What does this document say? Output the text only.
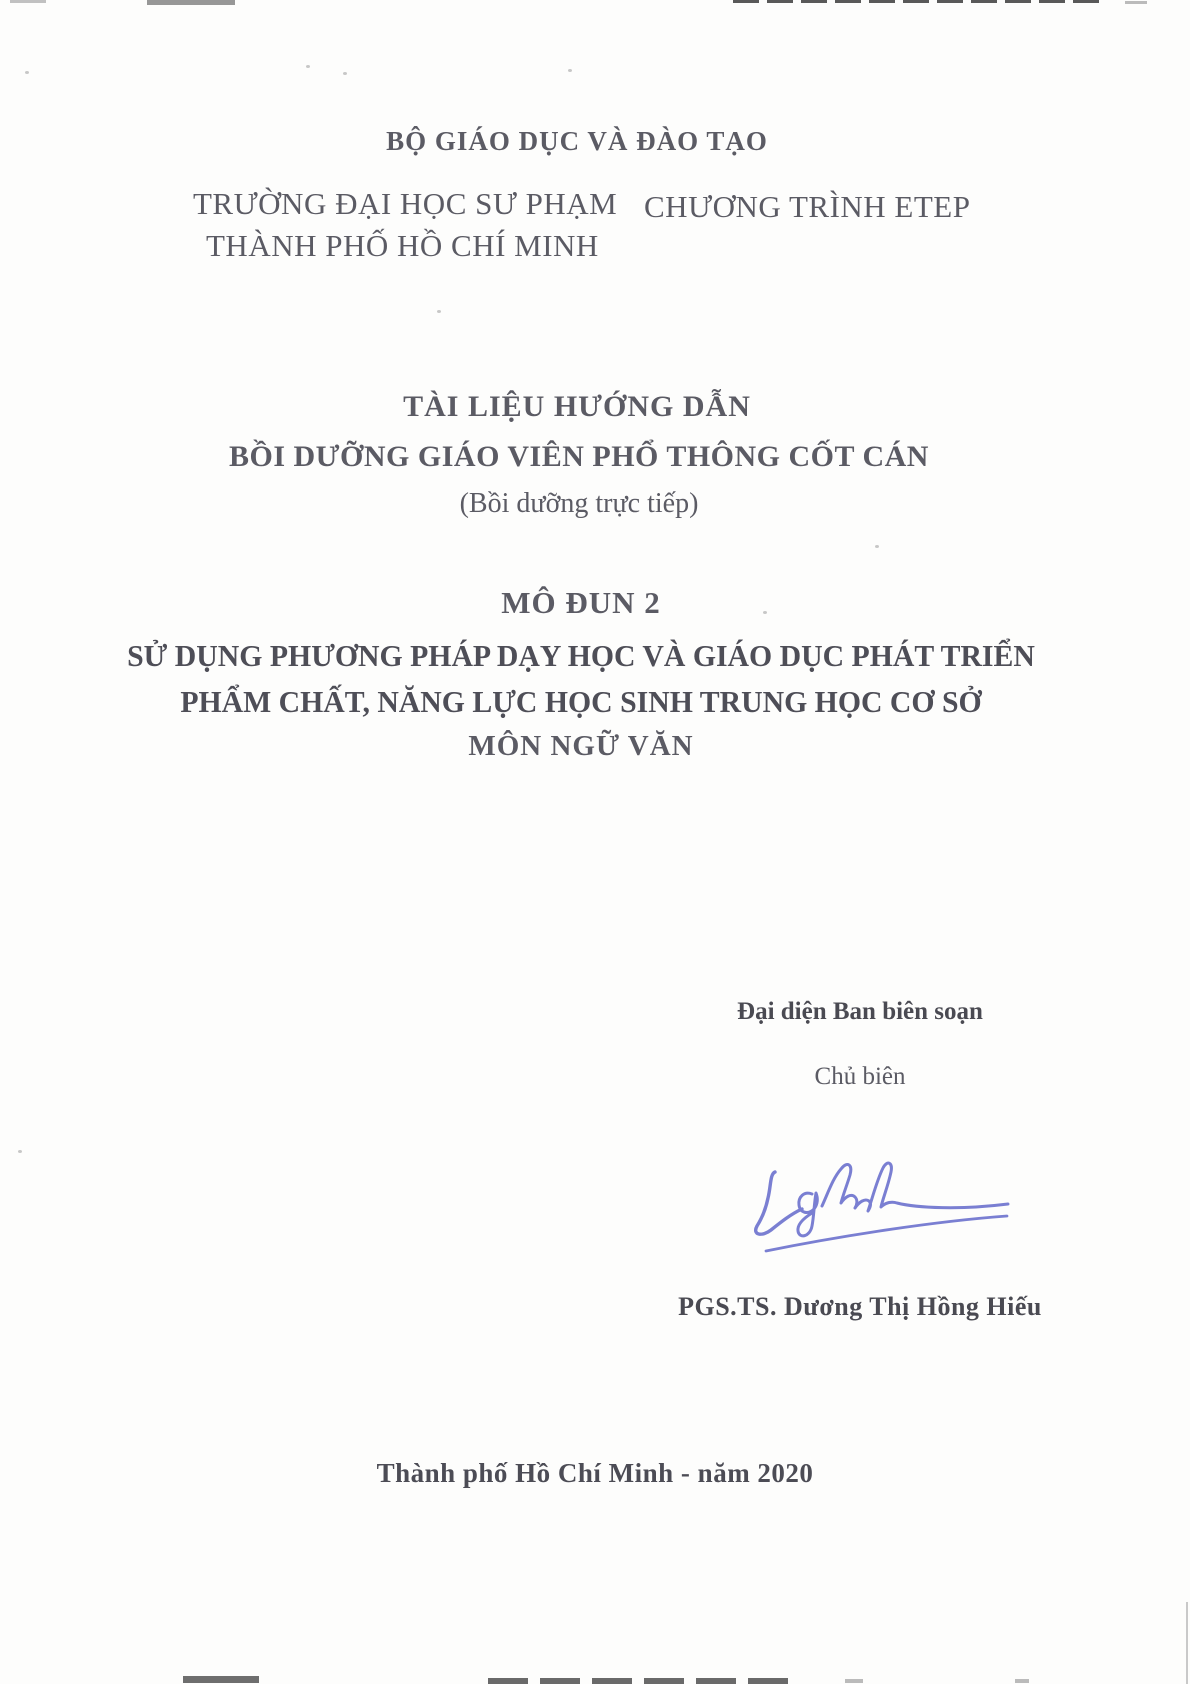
BỘ GIÁO DỤC VÀ ĐÀO TẠO
TRƯỜNG ĐẠI HỌC SƯ PHẠM CHƯƠNG TRÌNH ETEP
THÀNH PHỐ HỒ CHÍ MINH
TÀI LIỆU HƯỚNG DẪN
BỒI DƯỠNG GIÁO VIÊN PHỔ THÔNG CỐT CÁN
(Bồi dưỡng trực tiếp)
MÔ ĐUN 2
SỬ DỤNG PHƯƠNG PHÁP DẠY HỌC VÀ GIÁO DỤC PHÁT TRIỂN
PHẨM CHẤT, NĂNG LỰC HỌC SINH TRUNG HỌC CƠ SỞ
MÔN NGỮ VĂN
Đại diện Ban biên soạn
Chủ biên
PGS.TS. Dương Thị Hồng Hiếu
Thành phố Hồ Chí Minh - năm 2020
